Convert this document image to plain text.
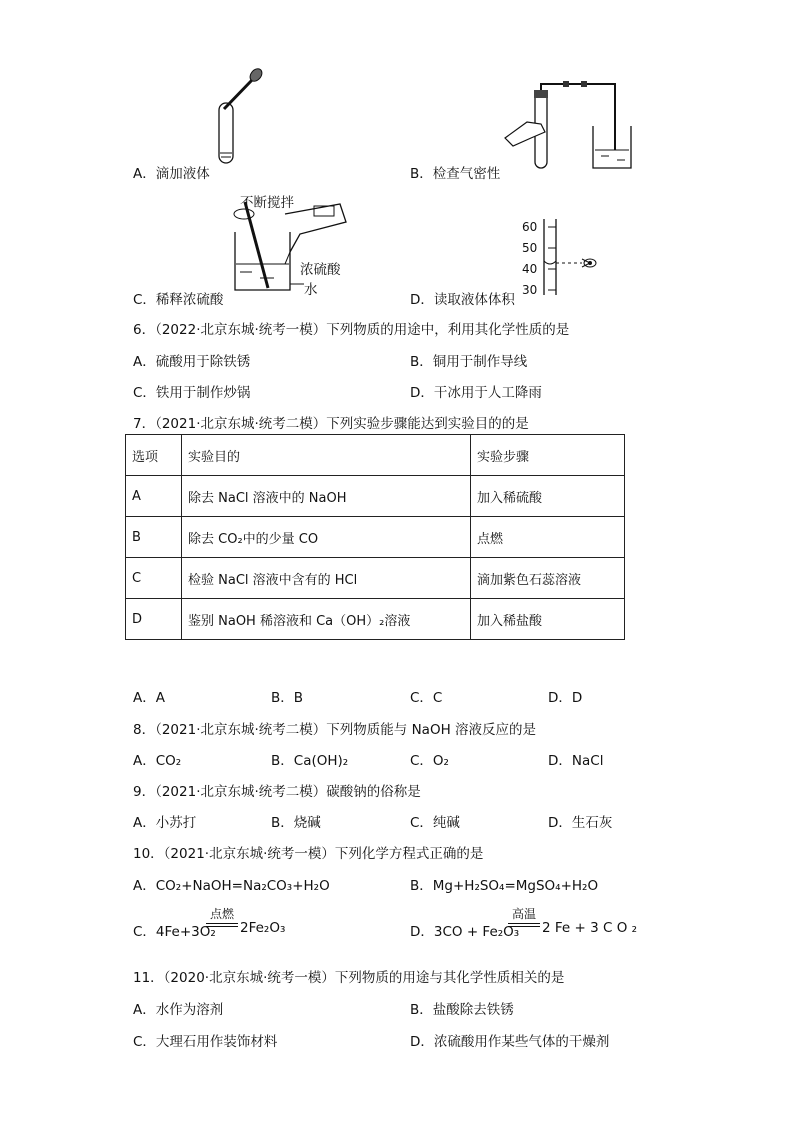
A．滴加液体	B．检查气密性
不断搅拌
浓硫酸
水
C．稀释浓硫酸
60
50
40
30
D．读取液体体积
6．（2022·北京东城·统考一模）下列物质的用途中，利用其化学性质的是
A．硫酸用于除铁锈	B．铜用于制作导线
C．铁用于制作炒锅	D．干冰用于人工降雨
7．（2021·北京东城·统考二模）下列实验步骤能达到实验目的的是
选项	实验目的	实验步骤
A	除去 NaCl 溶液中的 NaOH	加入稀硫酸
B	除去 CO₂中的少量 CO	点燃
C	检验 NaCl 溶液中含有的 HCl	滴加紫色石蕊溶液
D	鉴别 NaOH 稀溶液和 Ca（OH）₂溶液	加入稀盐酸
A．A	B．B	C．C	D．D
8．（2021·北京东城·统考二模）下列物质能与 NaOH 溶液反应的是
A．CO₂	B．Ca(OH)₂	C．O₂	D．NaCl
9．（2021·北京东城·统考二模）碳酸钠的俗称是
A．小苏打	B．烧碱	C．纯碱	D．生石灰
10．（2021·北京东城·统考一模）下列化学方程式正确的是
A．CO₂+NaOH=Na₂CO₃+H₂O	B．Mg+H₂SO₄=MgSO₄+H₂O
C．4Fe+3O₂
点燃
2Fe₂O₃	D．3CO + Fe₂O₃
高温
2 Fe + 3 C O ₂
11．（2020·北京东城·统考一模）下列物质的用途与其化学性质相关的是
A．水作为溶剂	B．盐酸除去铁锈
C．大理石用作装饰材料	D．浓硫酸用作某些气体的干燥剂
